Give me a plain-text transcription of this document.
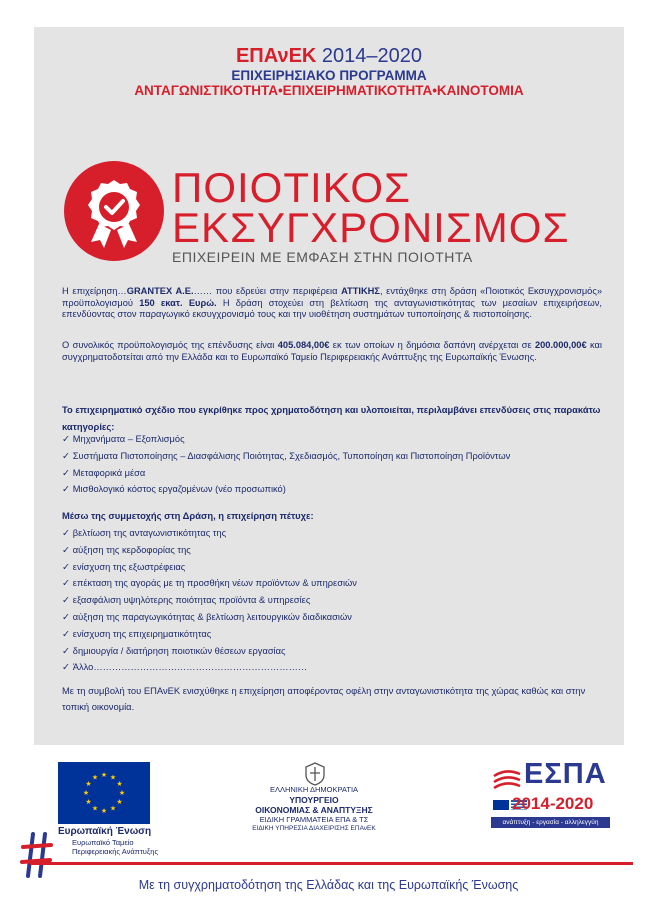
ΕΠΑνΕΚ 2014–2020
ΕΠΙΧΕΙΡΗΣΙΑΚΟ ΠΡΟΓΡΑΜΜΑ
ΑΝΤΑΓΩΝΙΣΤΙΚΟΤΗΤΑ•ΕΠΙΧΕΙΡΗΜΑΤΙΚΟΤΗΤΑ•ΚΑΙΝΟΤΟΜΙΑ
ΠΟΙΟΤΙΚΟΣ
ΕΚΣΥΓΧΡΟΝΙΣΜΟΣ
ΕΠΙΧΕΙΡΕΙΝ ΜΕ ΕΜΦΑΣΗ ΣΤΗΝ ΠΟΙΟΤΗΤΑ

Η επιχείρηση…GRANTEX A.E.…… που εδρεύει στην περιφέρεια ΑΤΤΙΚΗΣ, εντάχθηκε στη δράση «Ποιοτικός Εκσυγχρονισμός» προϋπολογισμού 150 εκατ. Ευρώ. Η δράση στοχεύει στη βελτίωση της ανταγωνιστικότητας των μεσαίων επιχειρήσεων, επενδύοντας στον παραγωγικό εκσυγχρονισμό τους και την υιοθέτηση συστημάτων τυποποίησης & πιστοποίησης.

Ο συνολικός προϋπολογισμός της επένδυσης είναι 405.084,00€ εκ των οποίων η δημόσια δαπάνη ανέρχεται σε 200.000,00€ και συγχρηματοδοτείται από την Ελλάδα και το Ευρωπαϊκό Ταμείο Περιφερειακής Ανάπτυξης της Ευρωπαϊκής Ένωσης.

Το επιχειρηματικό σχέδιο που εγκρίθηκε προς χρηματοδότηση και υλοποιείται, περιλαμβάνει επενδύσεις στις παρακάτω κατηγορίες:
✓ Μηχανήματα – Εξοπλισμός
✓ Συστήματα Πιστοποίησης – Διασφάλισης Ποιότητας, Σχεδιασμός, Τυποποίηση και Πιστοποίηση Προϊόντων
✓ Μεταφορικά μέσα
✓ Μισθολογικό κόστος εργαζομένων (νέο προσωπικό)
Μέσω της συμμετοχής στη Δράση, η επιχείρηση πέτυχε:
✓ βελτίωση της ανταγωνιστικότητας της
✓ αύξηση της κερδοφορίας της
✓ ενίσχυση της εξωστρέφειας
✓ επέκταση της αγοράς με τη προσθήκη νέων προϊόντων & υπηρεσιών
✓ εξασφάλιση υψηλότερης ποιότητας προϊόντα & υπηρεσίες
✓ αύξηση της παραγωγικότητας & βελτίωση λειτουργικών διαδικασιών
✓ ενίσχυση της επιχειρηματικότητας
✓ δημιουργία / διατήρηση ποιοτικών θέσεων εργασίας
✓ Άλλο……………………………………………………………

Με τη συμβολή του ΕΠΑνΕΚ ενισχύθηκε η επιχείρηση αποφέροντας οφέλη στην ανταγωνιστικότητα της χώρας καθώς και στην τοπική οικονομία.

★ ★
★
★
★
★
★
★
★
★
★
★
Ευρωπαϊκή Ένωση
Ευρωπαϊκό Ταμείο
Περιφερειακής Ανάπτυξης
ΕΛΛΗΝΙΚΗ ΔΗΜΟΚΡΑΤΙΑ
ΥΠΟΥΡΓΕΙΟ
ΟΙΚΟΝΟΜΙΑΣ & ΑΝΑΠΤΥΞΗΣ
ΕΙΔΙΚΗ ΓΡΑΜΜΑΤΕΙΑ ΕΠΑ & ΤΣ
ΕΙΔΙΚΗ ΥΠΗΡΕΣΙΑ ΔΙΑΧΕΙΡΙΣΗΣ ΕΠΑνΕΚ
ΕΣΠΑ
2014-2020
ανάπτυξη - εργασία - αλληλεγγύη
Με τη συγχρηματοδότηση της Ελλάδας και της Ευρωπαϊκής Ένωσης
